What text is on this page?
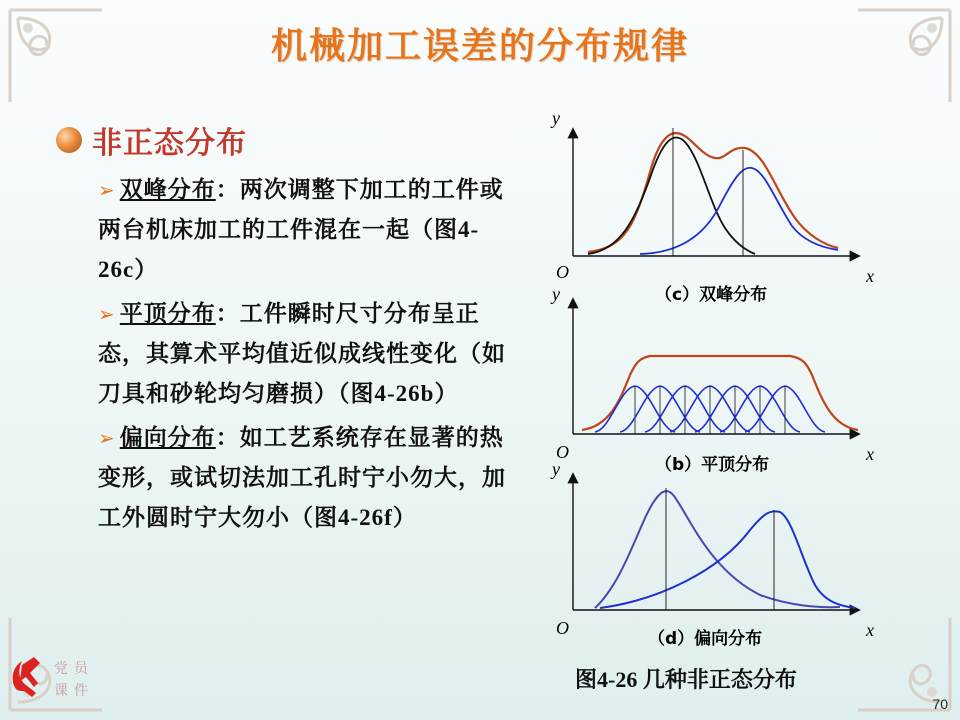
机械加工误差的分布规律
非正态分布
➢ 双峰分布：两次调整下加工的工件或两台机床加工的工件混在一起（图4-26c）
➢ 平顶分布：工件瞬时尺寸分布呈正态，其算术平均值近似成线性变化（如刀具和砂轮均匀磨损）（图4-26b）
➢ 偏向分布：如工艺系统存在显著的热变形，或试切法加工孔时宁小勿大，加工外圆时宁大勿小（图4-26f）
y
O	x
（c）双峰分布
y
O	x
（b）平顶分布
y
O	x
（d）偏向分布
图4-26 几种非正态分布
党员
课件
70
